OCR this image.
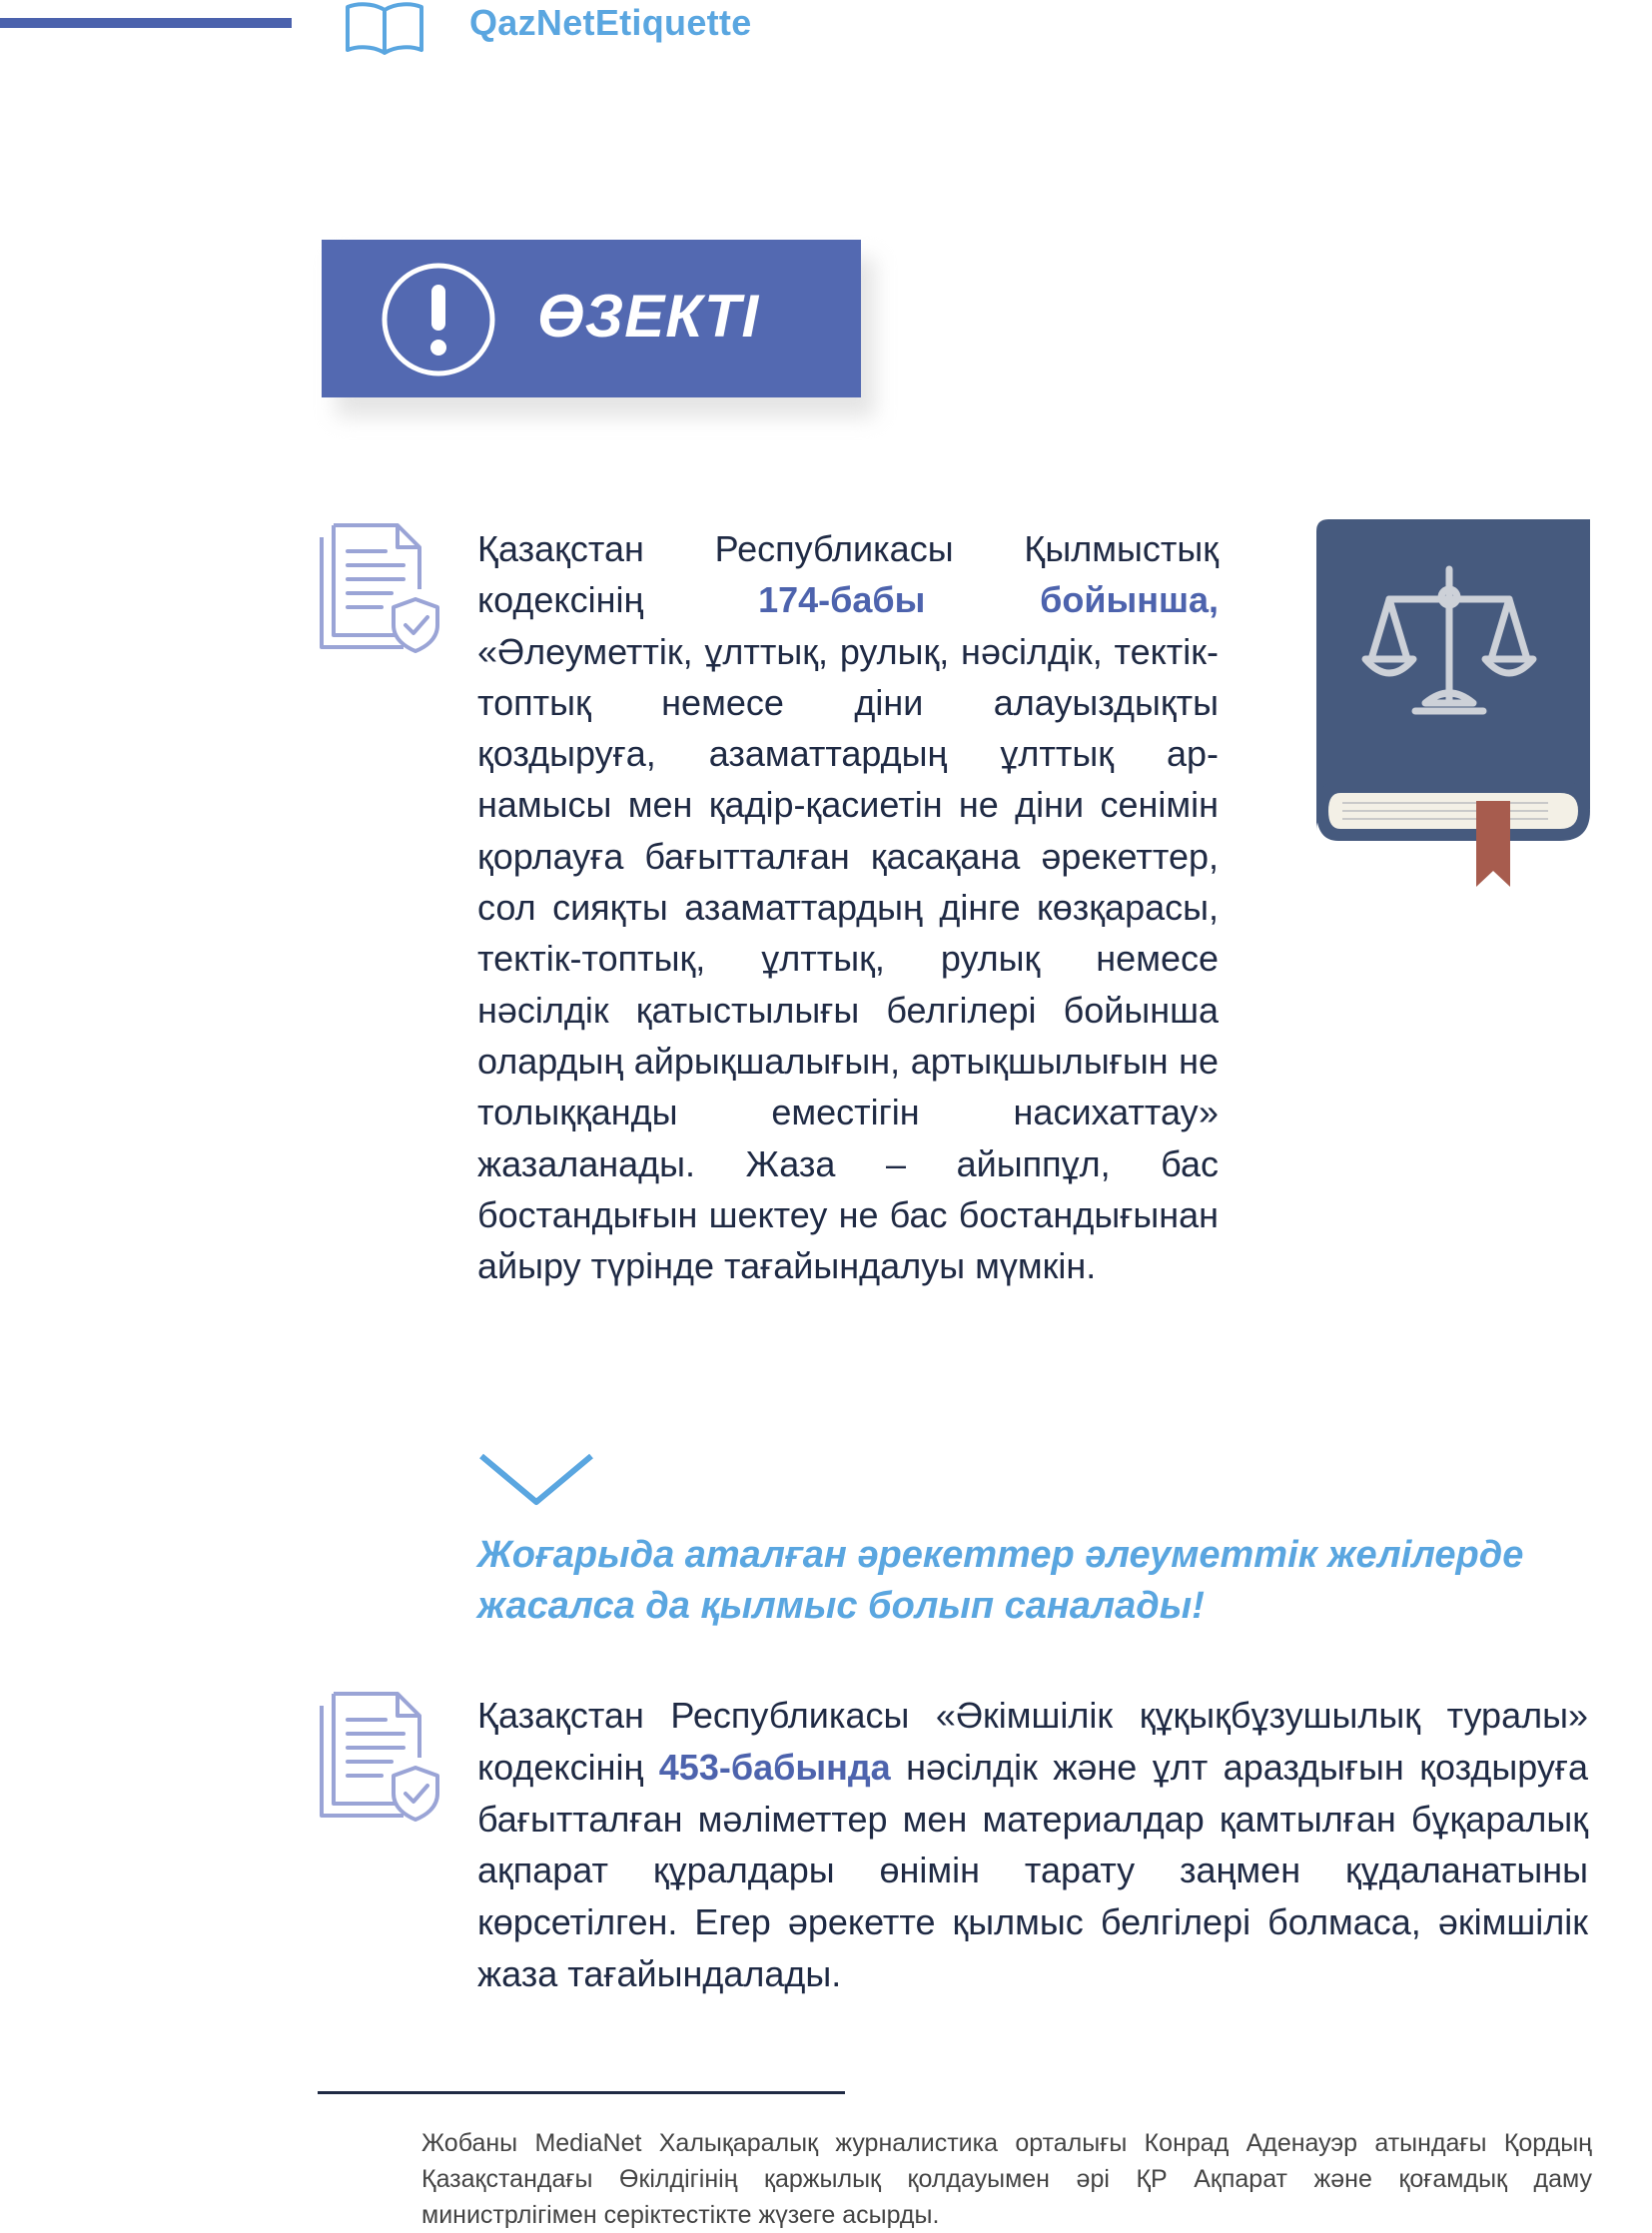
QazNetEtiquette
ӨЗЕКТІ
Қазақстан Республикасы Қылмыстық кодексінің 174-бабы бойынша, «Әлеуметтік, ұлттық, рулық, нәсілдік, тектік-топтық немесе діни алауыздықты қоздыруға, азаматтардың ұлттық ар-намысы мен қадір-қасиетін не діни сенімін қорлауға бағытталған қасақана әрекеттер, сол сияқты азаматтардың дінге көзқарасы, тектік-топтық, ұлттық, рулық немесе нәсілдік қатыстылығы белгілері бойынша олардың айрықшалығын, артықшылығын не толыққанды еместігін насихаттау» жазаланады. Жаза – айыппұл, бас бостандығын шектеу не бас бостандығынан айыру түрінде тағайындалуы мүмкін.
Жоғарыда аталған әрекеттер әлеуметтік желілерде жасалса да қылмыс болып саналады!
Қазақстан Республикасы «Әкімшілік құқықбұзушылық туралы» кодексінің 453-бабында нәсілдік және ұлт араздығын қоздыруға бағытталған мәліметтер мен материалдар қамтылған бұқаралық ақпарат құралдары өнімін тарату заңмен құдаланатыны көрсетілген. Егер әрекетте қылмыс белгілері болмаса, әкімшілік жаза тағайындалады.
Жобаны MediaNet Халықаралық журналистика орталығы Конрад Аденауэр атындағы Қордың Қазақстандағы Өкілдігінің қаржылық қолдауымен әрі ҚР Ақпарат және қоғамдық даму министрлігімен серіктестікте жүзеге асырды.
